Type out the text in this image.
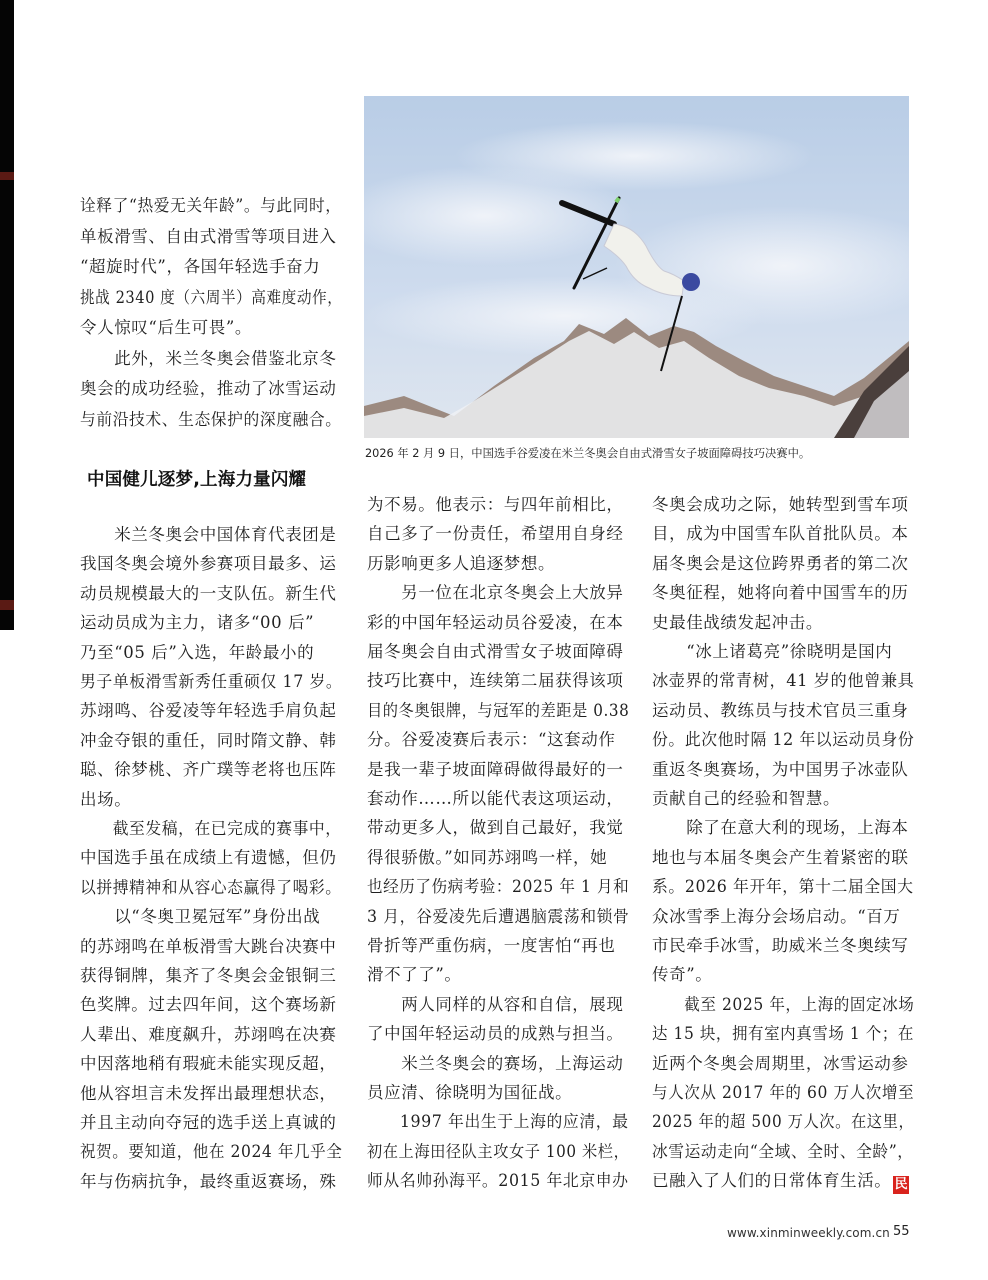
诠释了“热爱无关年龄”。与此同时，
单板滑雪、自由式滑雪等项目进入
“超旋时代”，各国年轻选手奋力
挑战 2340 度（六周半）高难度动作，
令人惊叹“后生可畏”。
　　此外，米兰冬奥会借鉴北京冬
奥会的成功经验，推动了冰雪运动
与前沿技术、生态保护的深度融合。
中国健儿逐梦,上海力量闪耀
　　米兰冬奥会中国体育代表团是
我国冬奥会境外参赛项目最多、运
动员规模最大的一支队伍。新生代
运动员成为主力，诸多“00 后”
乃至“05 后”入选，年龄最小的
男子单板滑雪新秀任重硕仅 17 岁。
苏翊鸣、谷爱凌等年轻选手肩负起
冲金夺银的重任，同时隋文静、韩
聪、徐梦桃、齐广璞等老将也压阵
出场。
　　截至发稿，在已完成的赛事中，
中国选手虽在成绩上有遗憾，但仍
以拼搏精神和从容心态赢得了喝彩。
　　以“冬奥卫冕冠军”身份出战
的苏翊鸣在单板滑雪大跳台决赛中
获得铜牌，集齐了冬奥会金银铜三
色奖牌。过去四年间，这个赛场新
人辈出、难度飙升，苏翊鸣在决赛
中因落地稍有瑕疵未能实现反超，
他从容坦言未发挥出最理想状态，
并且主动向夺冠的选手送上真诚的
祝贺。要知道，他在 2024 年几乎全
年与伤病抗争，最终重返赛场，殊
2026 年 2 月 9 日，中国选手谷爱凌在米兰冬奥会自由式滑雪女子坡面障碍技巧决赛中。
为不易。他表示：与四年前相比，
自己多了一份责任，希望用自身经
历影响更多人追逐梦想。
　　另一位在北京冬奥会上大放异
彩的中国年轻运动员谷爱凌，在本
届冬奥会自由式滑雪女子坡面障碍
技巧比赛中，连续第二届获得该项
目的冬奥银牌，与冠军的差距是 0.38
分。谷爱凌赛后表示：“这套动作
是我一辈子坡面障碍做得最好的一
套动作……所以能代表这项运动，
带动更多人，做到自己最好，我觉
得很骄傲。”如同苏翊鸣一样，她
也经历了伤病考验：2025 年 1 月和
3 月，谷爱凌先后遭遇脑震荡和锁骨
骨折等严重伤病，一度害怕“再也
滑不了了”。
　　两人同样的从容和自信，展现
了中国年轻运动员的成熟与担当。
　　米兰冬奥会的赛场，上海运动
员应清、徐晓明为国征战。
　　1997 年出生于上海的应清，最
初在上海田径队主攻女子 100 米栏，
师从名帅孙海平。2015 年北京申办
冬奥会成功之际，她转型到雪车项
目，成为中国雪车队首批队员。本
届冬奥会是这位跨界勇者的第二次
冬奥征程，她将向着中国雪车的历
史最佳战绩发起冲击。
　　“冰上诸葛亮”徐晓明是国内
冰壶界的常青树，41 岁的他曾兼具
运动员、教练员与技术官员三重身
份。此次他时隔 12 年以运动员身份
重返冬奥赛场，为中国男子冰壶队
贡献自己的经验和智慧。
　　除了在意大利的现场，上海本
地也与本届冬奥会产生着紧密的联
系。2026 年开年，第十二届全国大
众冰雪季上海分会场启动。“百万
市民牵手冰雪，助威米兰冬奥续写
传奇”。
　　截至 2025 年，上海的固定冰场
达 15 块，拥有室内真雪场 1 个；在
近两个冬奥会周期里，冰雪运动参
与人次从 2017 年的 60 万人次增至
2025 年的超 500 万人次。在这里，
冰雪运动走向“全域、全时、全龄”，
已融入了人们的日常体育生活。 民
www.xinminweekly.com.cn 55
